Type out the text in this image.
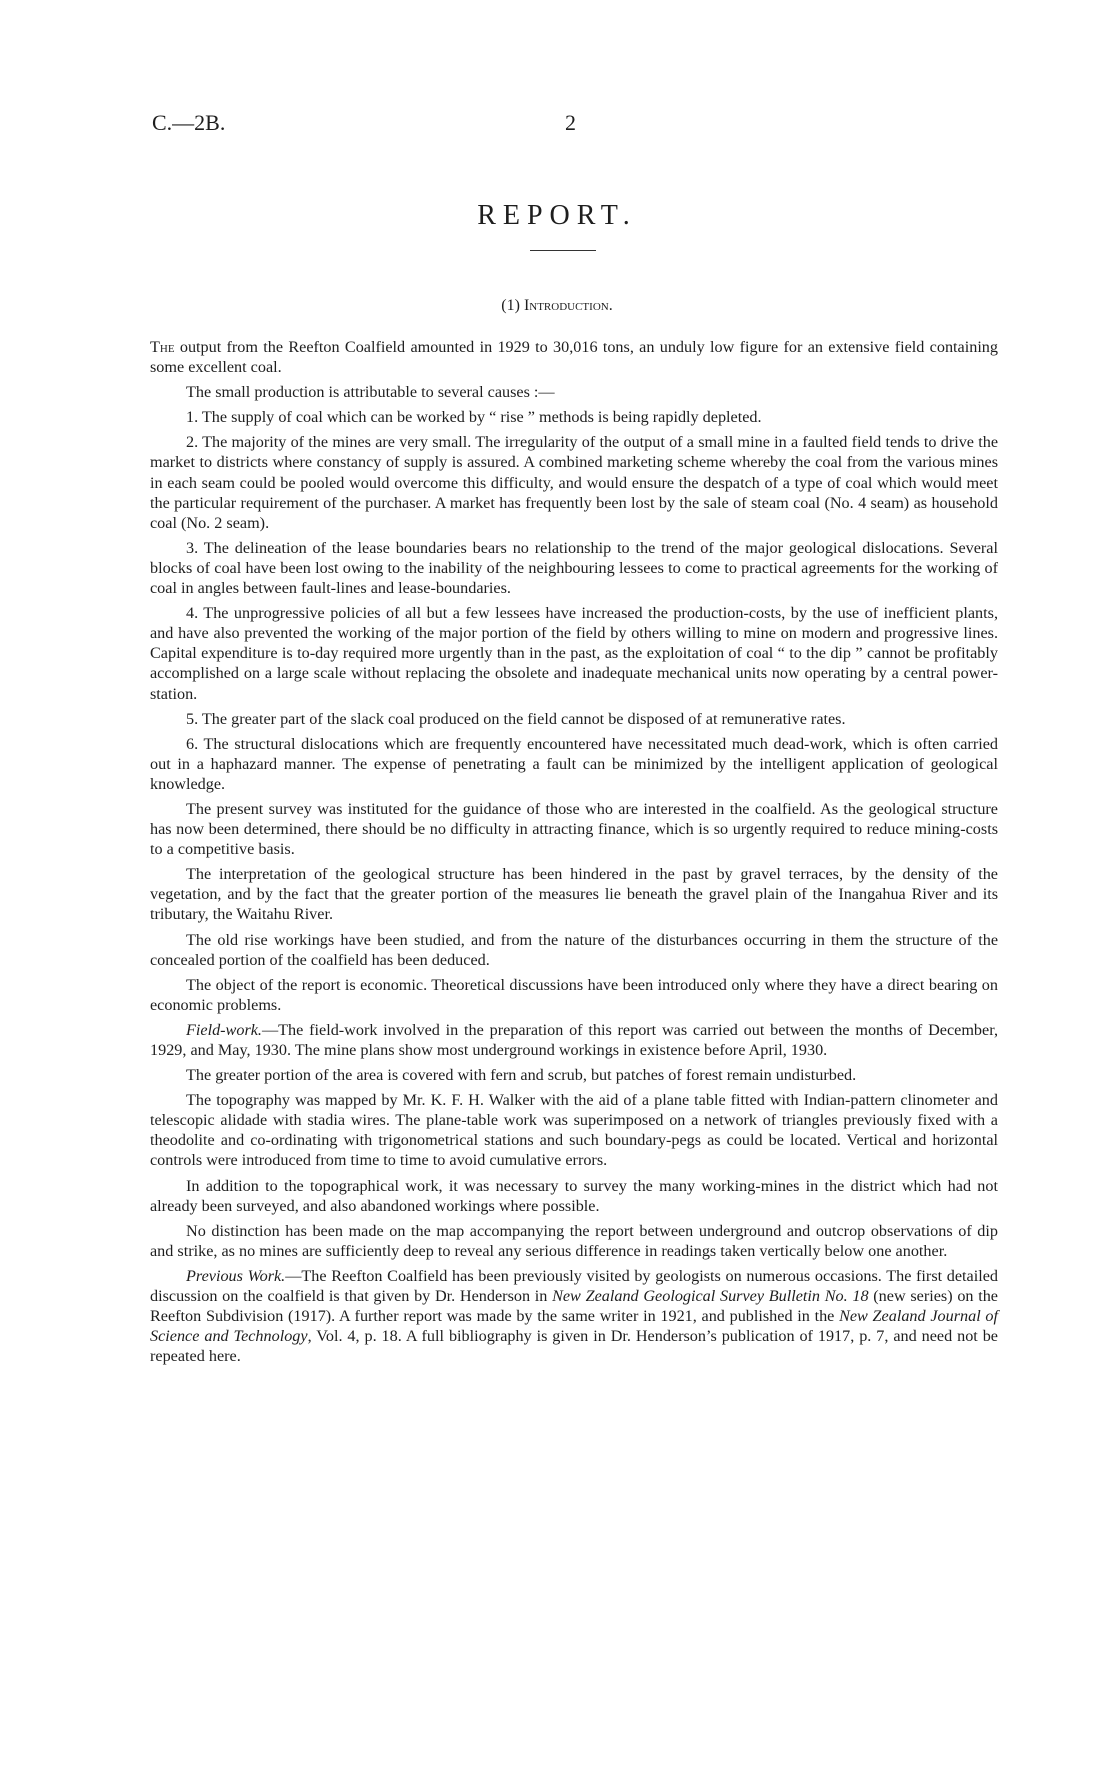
C.—2B.	2
REPORT.
(1) Introduction.

The output from the Reefton Coalfield amounted in 1929 to 30,016 tons, an unduly low figure for an extensive field containing some excellent coal.

The small production is attributable to several causes :—

1. The supply of coal which can be worked by “ rise ” methods is being rapidly depleted.

2. The majority of the mines are very small. The irregularity of the output of a small mine in a faulted field tends to drive the market to districts where constancy of supply is assured. A combined marketing scheme whereby the coal from the various mines in each seam could be pooled would overcome this difficulty, and would ensure the despatch of a type of coal which would meet the particular requirement of the purchaser. A market has frequently been lost by the sale of steam coal (No. 4 seam) as household coal (No. 2 seam).

3. The delineation of the lease boundaries bears no relationship to the trend of the major geological dislocations. Several blocks of coal have been lost owing to the inability of the neighbouring lessees to come to practical agreements for the working of coal in angles between fault-lines and lease-boundaries.

4. The unprogressive policies of all but a few lessees have increased the production-costs, by the use of inefficient plants, and have also prevented the working of the major portion of the field by others willing to mine on modern and progressive lines. Capital expenditure is to-day required more urgently than in the past, as the exploitation of coal “ to the dip ” cannot be profitably accomplished on a large scale without replacing the obsolete and inadequate mechanical units now operating by a central power-station.

5. The greater part of the slack coal produced on the field cannot be disposed of at remunerative rates.

6. The structural dislocations which are frequently encountered have necessitated much dead-work, which is often carried out in a haphazard manner. The expense of penetrating a fault can be minimized by the intelligent application of geological knowledge.

The present survey was instituted for the guidance of those who are interested in the coalfield. As the geological structure has now been determined, there should be no difficulty in attracting finance, which is so urgently required to reduce mining-costs to a competitive basis.

The interpretation of the geological structure has been hindered in the past by gravel terraces, by the density of the vegetation, and by the fact that the greater portion of the measures lie beneath the gravel plain of the Inangahua River and its tributary, the Waitahu River.

The old rise workings have been studied, and from the nature of the disturbances occurring in them the structure of the concealed portion of the coalfield has been deduced.

The object of the report is economic. Theoretical discussions have been introduced only where they have a direct bearing on economic problems.

Field-work.—The field-work involved in the preparation of this report was carried out between the months of December, 1929, and May, 1930. The mine plans show most underground workings in existence before April, 1930.

The greater portion of the area is covered with fern and scrub, but patches of forest remain undisturbed.

The topography was mapped by Mr. K. F. H. Walker with the aid of a plane table fitted with Indian-pattern clinometer and telescopic alidade with stadia wires. The plane-table work was superimposed on a network of triangles previously fixed with a theodolite and co-ordinating with trigonometrical stations and such boundary-pegs as could be located. Vertical and horizontal controls were introduced from time to time to avoid cumulative errors.

In addition to the topographical work, it was necessary to survey the many working-mines in the district which had not already been surveyed, and also abandoned workings where possible.

No distinction has been made on the map accompanying the report between underground and outcrop observations of dip and strike, as no mines are sufficiently deep to reveal any serious difference in readings taken vertically below one another.

Previous Work.—The Reefton Coalfield has been previously visited by geologists on numerous occasions. The first detailed discussion on the coalfield is that given by Dr. Henderson in New Zealand Geological Survey Bulletin No. 18 (new series) on the Reefton Subdivision (1917). A further report was made by the same writer in 1921, and published in the New Zealand Journal of Science and Technology, Vol. 4, p. 18. A full bibliography is given in Dr. Henderson’s publication of 1917, p. 7, and need not be repeated here.
